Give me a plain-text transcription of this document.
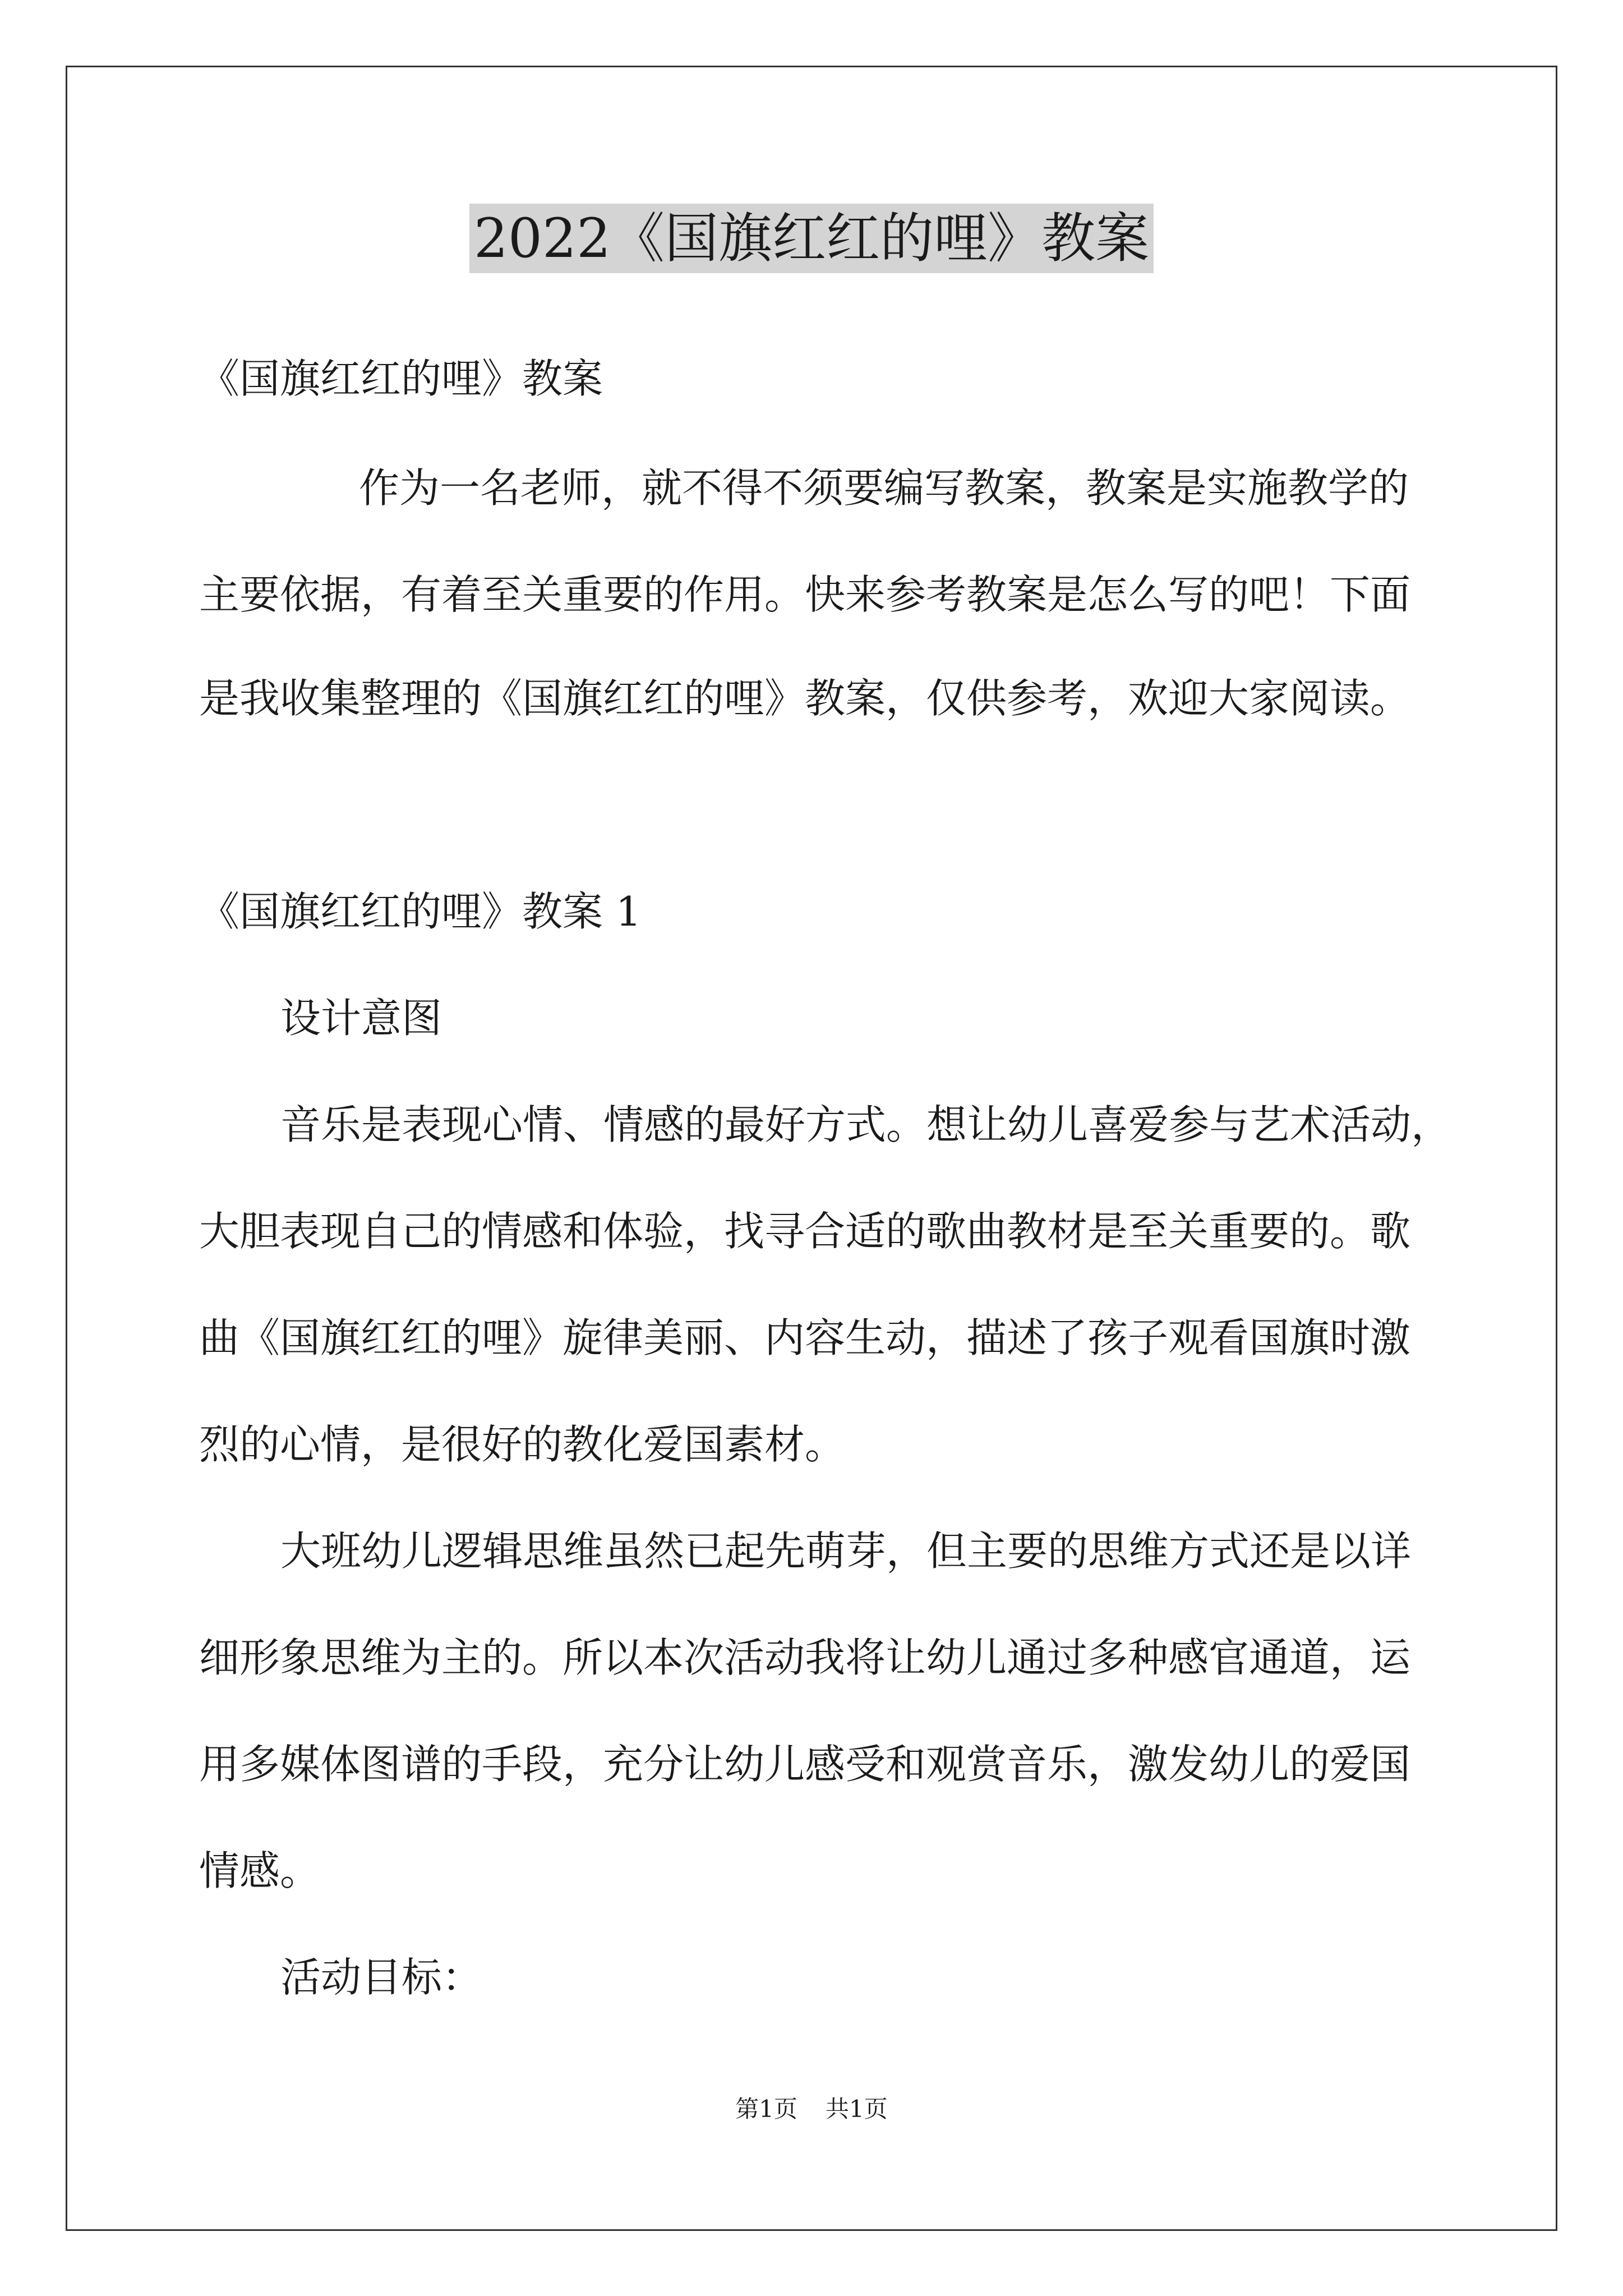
2022《国旗红红的哩》教案

《国旗红红的哩》教案

作为一名老师，就不得不须要编写教案，教案是实施教学的

主要依据，有着至关重要的作用。快来参考教案是怎么写的吧！下面

是我收集整理的《国旗红红的哩》教案，仅供参考，欢迎大家阅读。

《国旗红红的哩》教案 1

设计意图

音乐是表现心情、情感的最好方式。想让幼儿喜爱参与艺术活动，

大胆表现自己的情感和体验，找寻合适的歌曲教材是至关重要的。歌

曲《国旗红红的哩》旋律美丽、内容生动，描述了孩子观看国旗时激

烈的心情，是很好的教化爱国素材。

大班幼儿逻辑思维虽然已起先萌芽，但主要的思维方式还是以详

细形象思维为主的。所以本次活动我将让幼儿通过多种感官通道，运

用多媒体图谱的手段，充分让幼儿感受和观赏音乐，激发幼儿的爱国

情感。

活动目标：

第1页 共1页
